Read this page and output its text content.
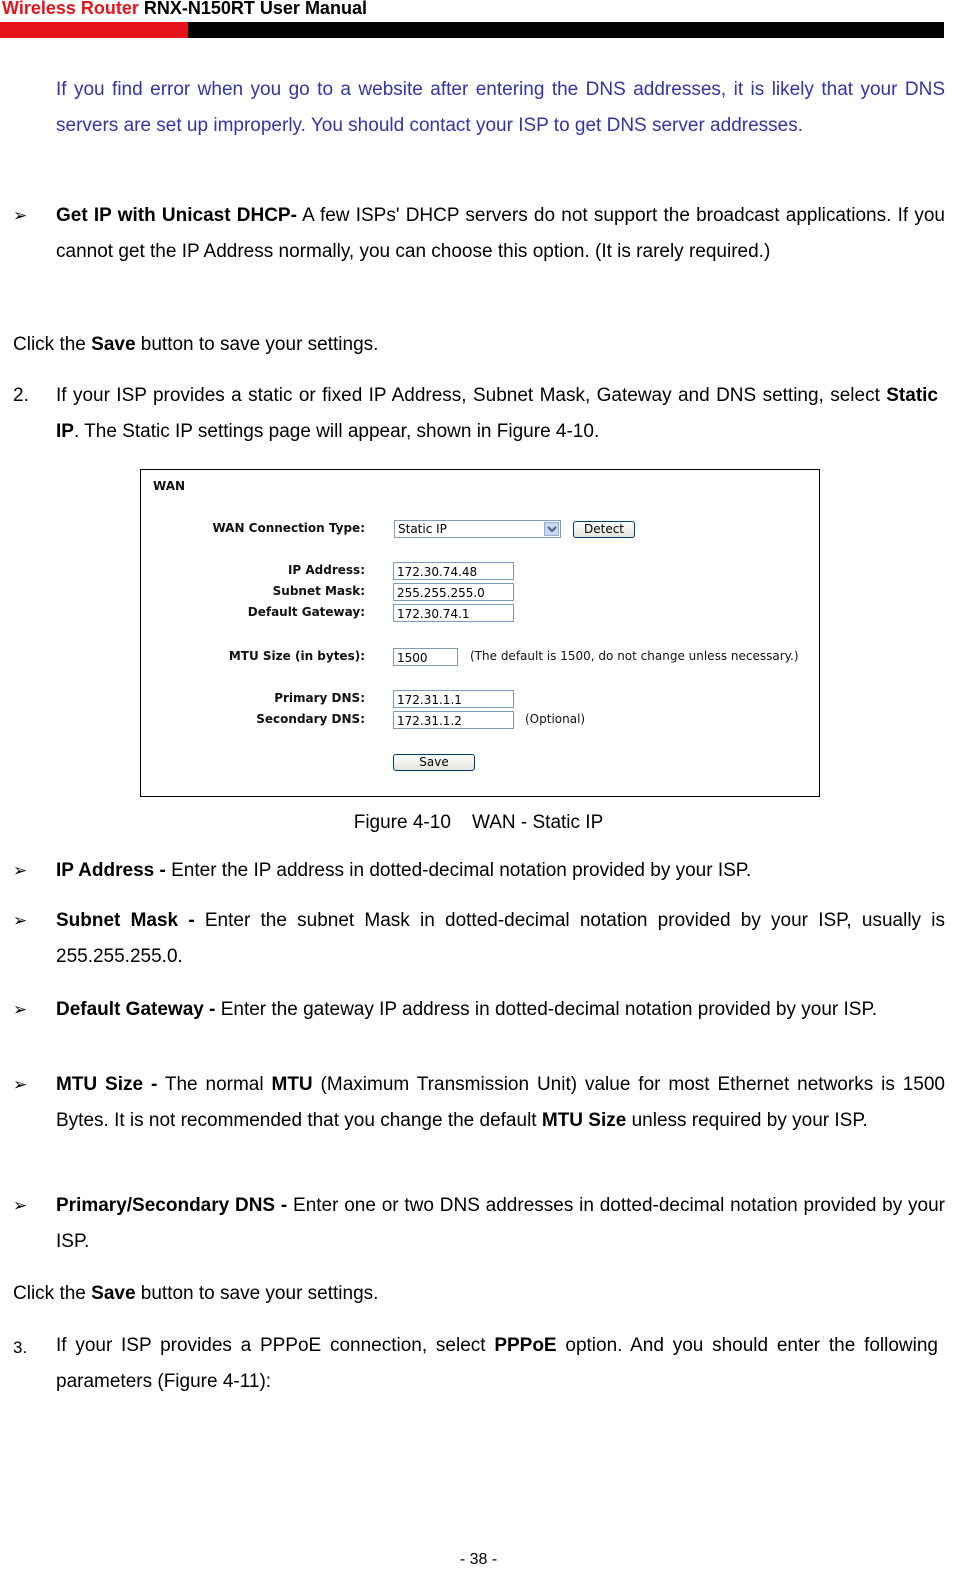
Wireless Router RNX-N150RT User Manual
If you find error when you go to a website after entering the DNS addresses, it is likely that your DNS servers are set up improperly. You should contact your ISP to get DNS server addresses.
➢ Get IP with Unicast DHCP- A few ISPs' DHCP servers do not support the broadcast applications. If you cannot get the IP Address normally, you can choose this option. (It is rarely required.)
Click the Save button to save your settings.
2. If your ISP provides a static or fixed IP Address, Subnet Mask, Gateway and DNS setting, select Static IP. The Static IP settings page will appear, shown in Figure 4-10.
WAN
WAN Connection Type:	Static IP	Detect
IP Address:	172.30.74.48
Subnet Mask:	255.255.255.0
Default Gateway:	172.30.74.1
MTU Size (in bytes):	1500	(The default is 1500, do not change unless necessary.)
Primary DNS:	172.31.1.1
Secondary DNS:	172.31.1.2	(Optional)
Save
Figure 4-10    WAN - Static IP
➢ IP Address - Enter the IP address in dotted-decimal notation provided by your ISP.
➢ Subnet Mask - Enter the subnet Mask in dotted-decimal notation provided by your ISP, usually is 255.255.255.0.
➢ Default Gateway - Enter the gateway IP address in dotted-decimal notation provided by your ISP.
➢ MTU Size - The normal MTU (Maximum Transmission Unit) value for most Ethernet networks is 1500 Bytes. It is not recommended that you change the default MTU Size unless required by your ISP.
➢ Primary/Secondary DNS - Enter one or two DNS addresses in dotted-decimal notation provided by your ISP.
Click the Save button to save your settings.
3. If your ISP provides a PPPoE connection, select PPPoE option. And you should enter the following parameters (Figure 4-11):
- 38 -
